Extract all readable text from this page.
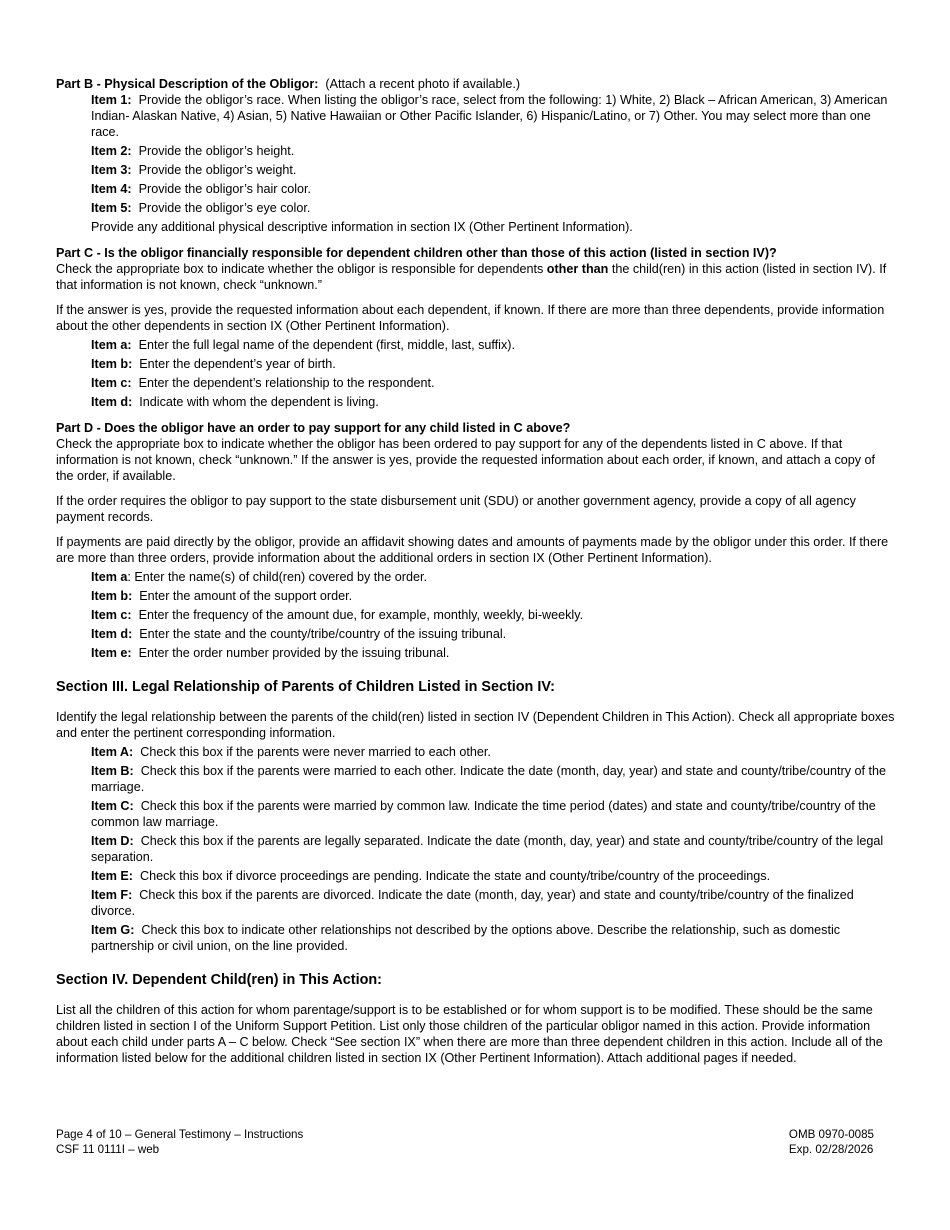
Part B - Physical Description of the Obligor: (Attach a recent photo if available.)

Item 1: Provide the obligor’s race. When listing the obligor’s race, select from the following: 1) White, 2) Black – African American, 3) American Indian- Alaskan Native, 4) Asian, 5) Native Hawaiian or Other Pacific Islander, 6) Hispanic/Latino, or 7) Other. You may select more than one race.

Item 2: Provide the obligor’s height.

Item 3: Provide the obligor’s weight.

Item 4: Provide the obligor’s hair color.

Item 5: Provide the obligor’s eye color.

Provide any additional physical descriptive information in section IX (Other Pertinent Information).

Part C - Is the obligor financially responsible for dependent children other than those of this action (listed in section IV)?

Check the appropriate box to indicate whether the obligor is responsible for dependents other than the child(ren) in this action (listed in section IV). If that information is not known, check “unknown.”

If the answer is yes, provide the requested information about each dependent, if known. If there are more than three dependents, provide information about the other dependents in section IX (Other Pertinent Information).

Item a: Enter the full legal name of the dependent (first, middle, last, suffix).

Item b: Enter the dependent’s year of birth.

Item c: Enter the dependent’s relationship to the respondent.

Item d: Indicate with whom the dependent is living.

Part D - Does the obligor have an order to pay support for any child listed in C above?

Check the appropriate box to indicate whether the obligor has been ordered to pay support for any of the dependents listed in C above. If that information is not known, check “unknown.” If the answer is yes, provide the requested information about each order, if known, and attach a copy of the order, if available.

If the order requires the obligor to pay support to the state disbursement unit (SDU) or another government agency, provide a copy of all agency payment records.

If payments are paid directly by the obligor, provide an affidavit showing dates and amounts of payments made by the obligor under this order. If there are more than three orders, provide information about the additional orders in section IX (Other Pertinent Information).

Item a: Enter the name(s) of child(ren) covered by the order.

Item b: Enter the amount of the support order.

Item c: Enter the frequency of the amount due, for example, monthly, weekly, bi-weekly.

Item d: Enter the state and the county/tribe/country of the issuing tribunal.

Item e: Enter the order number provided by the issuing tribunal.

Section III. Legal Relationship of Parents of Children Listed in Section IV:

Identify the legal relationship between the parents of the child(ren) listed in section IV (Dependent Children in This Action). Check all appropriate boxes and enter the pertinent corresponding information.

Item A: Check this box if the parents were never married to each other.

Item B: Check this box if the parents were married to each other. Indicate the date (month, day, year) and state and county/tribe/country of the marriage.

Item C: Check this box if the parents were married by common law. Indicate the time period (dates) and state and county/tribe/country of the common law marriage.

Item D: Check this box if the parents are legally separated. Indicate the date (month, day, year) and state and county/tribe/country of the legal separation.

Item E: Check this box if divorce proceedings are pending. Indicate the state and county/tribe/country of the proceedings.

Item F: Check this box if the parents are divorced. Indicate the date (month, day, year) and state and county/tribe/country of the finalized divorce.

Item G: Check this box to indicate other relationships not described by the options above. Describe the relationship, such as domestic partnership or civil union, on the line provided.

Section IV. Dependent Child(ren) in This Action:

List all the children of this action for whom parentage/support is to be established or for whom support is to be modified. These should be the same children listed in section I of the Uniform Support Petition. List only those children of the particular obligor named in this action. Provide information about each child under parts A – C below. Check “See section IX” when there are more than three dependent children in this action. Include all of the information listed below for the additional children listed in section IX (Other Pertinent Information). Attach additional pages if needed.

Page 4 of 10 – General Testimony – Instructions
CSF 11 0111I – web
OMB 0970-0085
Exp. 02/28/2026
